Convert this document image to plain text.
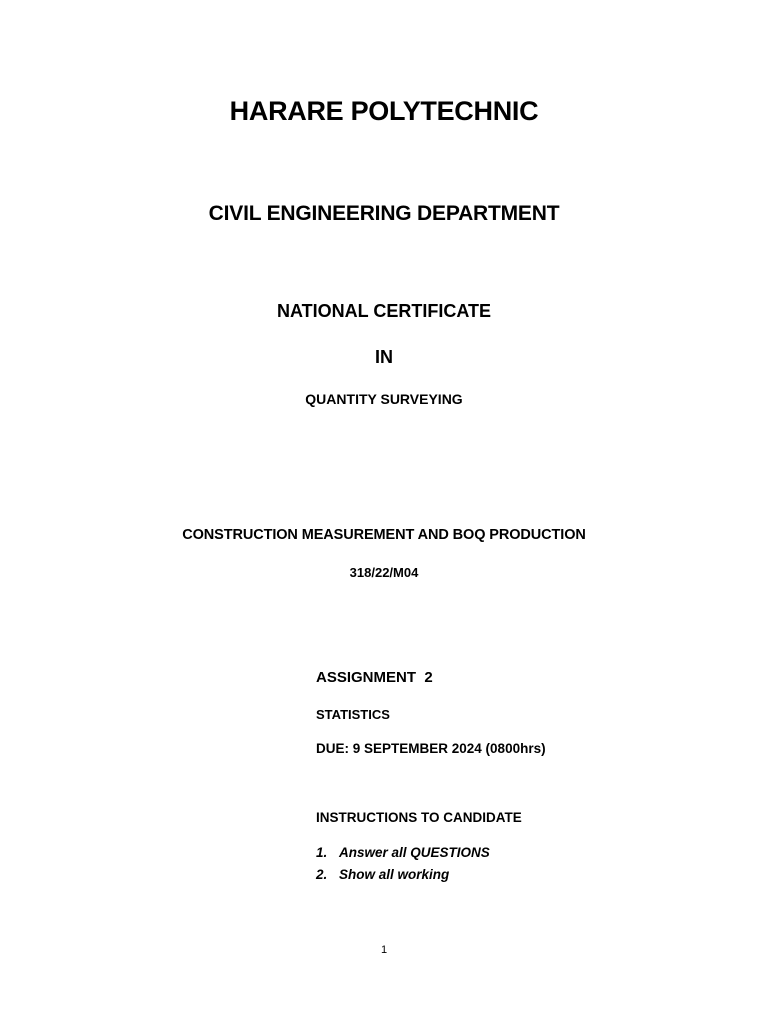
HARARE POLYTECHNIC
CIVIL ENGINEERING DEPARTMENT
NATIONAL CERTIFICATE
IN
QUANTITY SURVEYING
CONSTRUCTION MEASUREMENT AND BOQ PRODUCTION
318/22/M04
ASSIGNMENT  2
STATISTICS
DUE: 9 SEPTEMBER 2024 (0800hrs)
INSTRUCTIONS TO CANDIDATE
1. Answer all QUESTIONS
2. Show all working
1
